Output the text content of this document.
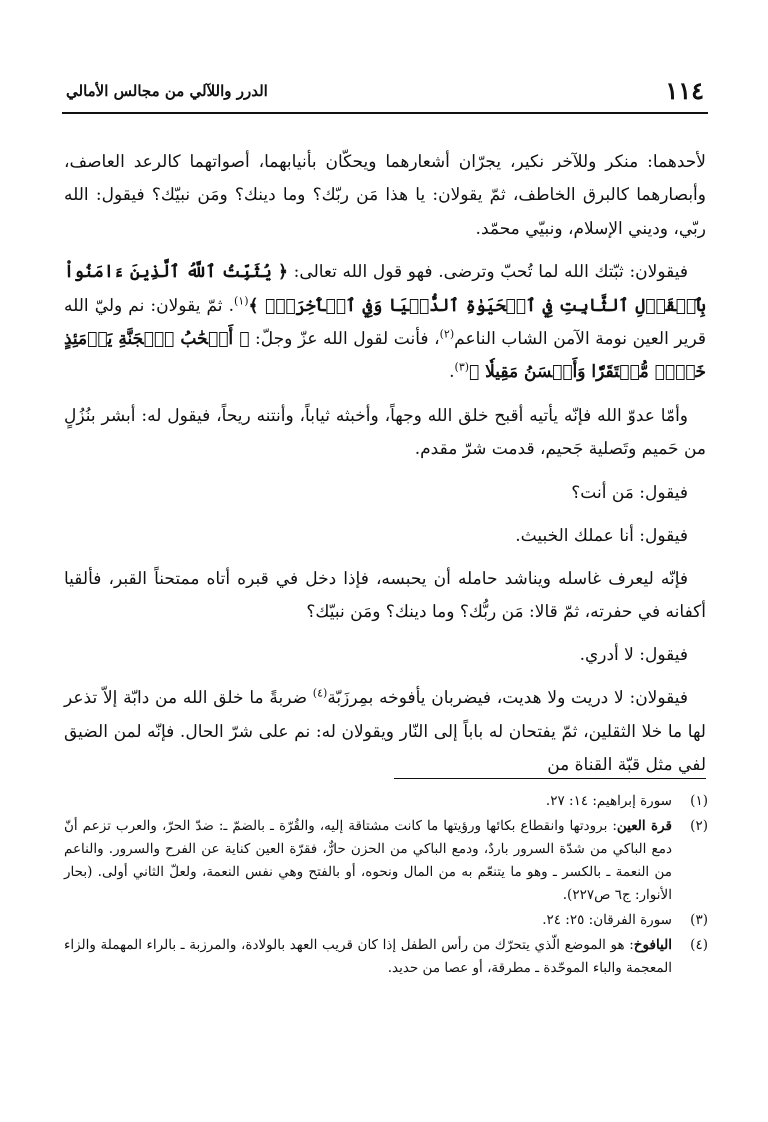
١١٤
الدرر واللآلي من مجالس الأمالي

لأحدهما: منكر وللآخر نكير، يجرّان أشعارهما ويحكّان بأنيابهما، أصواتهما كالرعد العاصف، وأبصارهما كالبرق الخاطف، ثمّ يقولان: يا هذا مَن ربّك؟ وما دينك؟ ومَن نبيّك؟ فيقول: الله ربّي، وديني الإسلام، ونبيّي محمّد.

فيقولان: ثبّتك الله لما تُحبّ وترضى. فهو قول الله تعالى: ﴿ يُثَبِّتُ ٱللَّهُ ٱلَّذِينَ ءَامَنُواْ بِٱلۡقَوۡلِ ٱلثَّابِتِ فِي ٱلۡحَيَوٰةِ ٱلدُّنۡيَا وَفِي ٱلۡأٓخِرَةِۖ ﴾$^{(١)}$. ثمّ يقولان: نم وليّ الله قرير العين نومة الآمن الشاب الناعم$^{(٢)}$، فأنت لقول الله عزّ وجلّ: ﴿ أَصۡحَٰبُ ٱلۡجَنَّةِ يَوۡمَئِذٍ خَيۡرٞ مُّسۡتَقَرّٗا وَأَحۡسَنُ مَقِيلٗا ﴾$^{(٣)}$.

وأمّا عدوّ الله فإنّه يأتيه أقبح خلق الله وجهاً، وأخبثه ثياباً، وأنتنه ريحاً، فيقول له: أبشر بنُزُلٍ من حَميم وتَصلية جَحيم، قدمت شرّ مقدم.

فيقول: مَن أنت؟

فيقول: أنا عملك الخبيث.

فإنّه ليعرف غاسله ويناشد حامله أن يحبسه، فإذا دخل في قبره أتاه ممتحناً القبر، فألقيا أكفانه في حفرته، ثمّ قالا: مَن ربُّك؟ وما دينك؟ ومَن نبيّك؟

فيقول: لا أدري.

فيقولان: لا دريت ولا هديت، فيضربان يأفوخه بمِرزَبّة$^{(٤)}$ ضربةً ما خلق الله من دابّة إلاّ تذعر لها ما خلا الثقلين، ثمّ يفتحان له باباً إلى النّار ويقولان له: نم على شرّ الحال. فإنّه لمن الضيق لفي مثل قبّة القناة من

(١)
سورة إبراهيم: ١٤: ٢٧.
(٢)
قرة العين: برودتها وانقطاع بكائها ورؤيتها ما كانت مشتاقة إليه، والقُرّة ـ بالضمّ ـ: ضدّ الحرّ، والعرب تزعم أنّ دمع الباكي من شدّة السرور باردٌ، ودمع الباكي من الحزن حارٌّ، فقرّة العين كناية عن الفرح والسرور. والناعم من النعمة ـ بالكسر ـ وهو ما يتنعّم به من المال ونحوه، أو بالفتح وهي نفس النعمة، ولعلّ الثاني أولى. (بحار الأنوار: ج٦ ص٢٢٧).
(٣)
سورة الفرقان: ٢٥: ٢٤.
(٤)
اليافوخ: هو الموضع الّذي يتحرّك من رأس الطفل إذا كان قريب العهد بالولادة، والمرزبة ـ بالراء المهملة والزاء المعجمة والباء الموحّدة ـ مطرقة، أو عصا من حديد.
